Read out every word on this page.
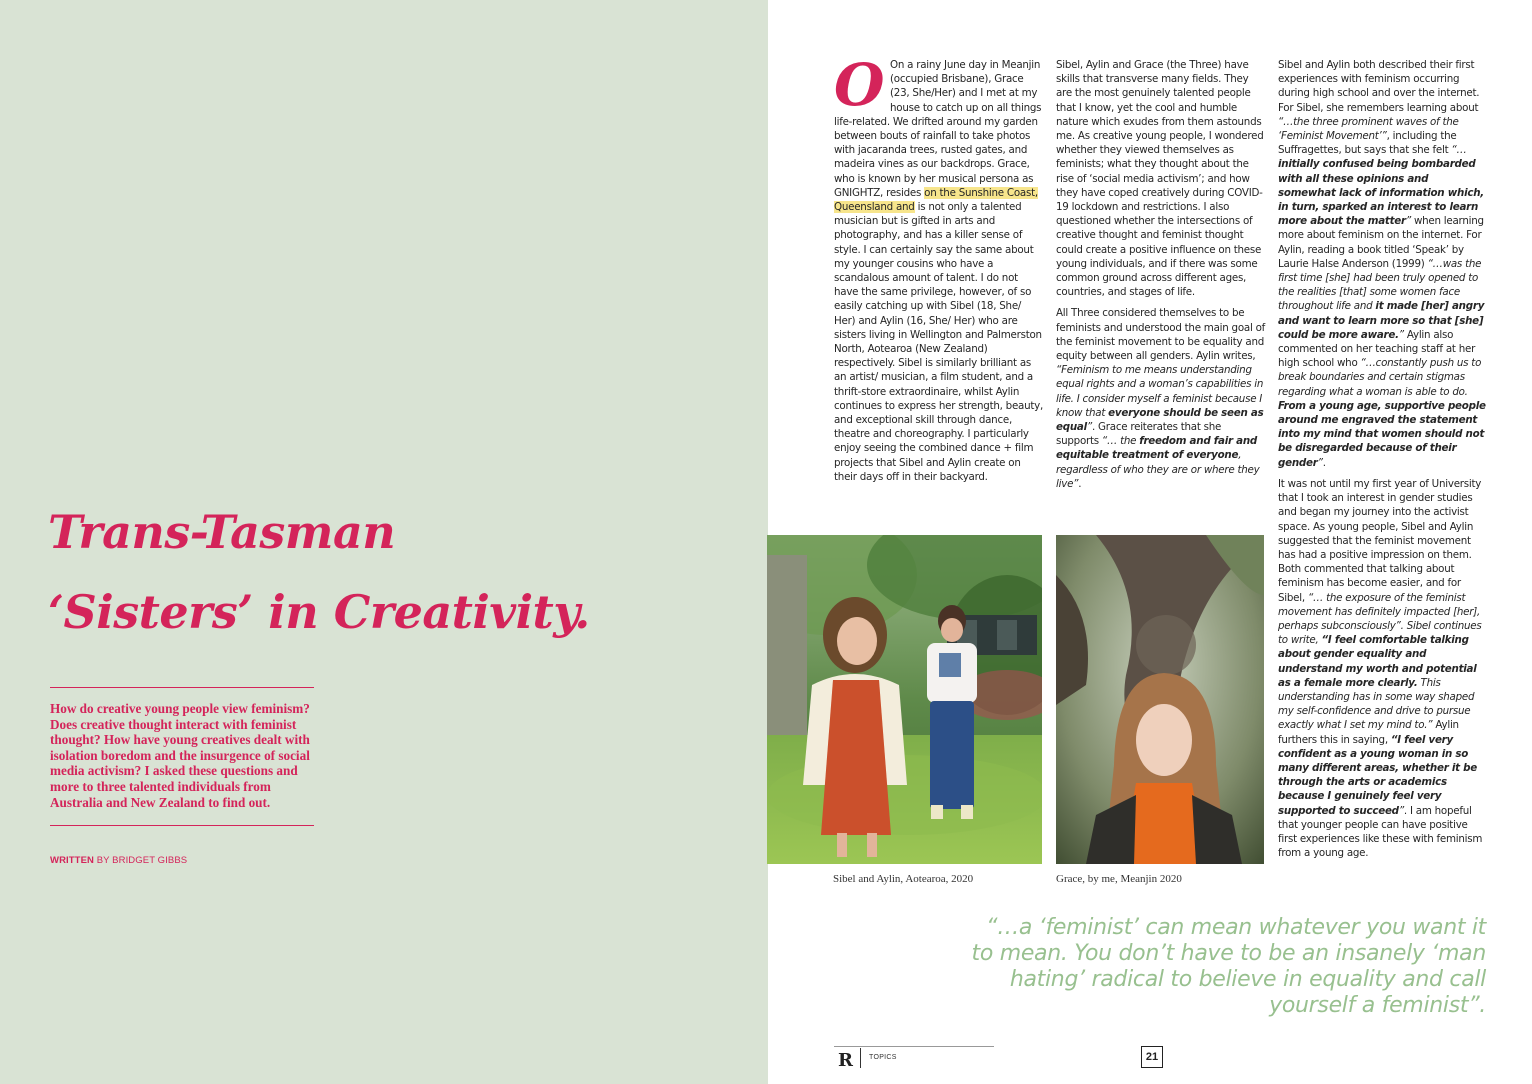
Trans-Tasman
‘Sisters’ in Creativity.

How do creative young people view feminism? Does creative thought interact with feminist thought? How have young creatives dealt with isolation boredom and the insurgence of social media activism? I asked these questions and more to three talented individuals from Australia and New Zealand to find out.

WRITTEN BY BRIDGET GIBBS

O On a rainy June day in Meanjin (occupied Brisbane), Grace (23, She/Her) and I met at my house to catch up on all things life-related. We drifted around my garden between bouts of rainfall to take photos with jacaranda trees, rusted gates, and madeira vines as our backdrops. Grace, who is known by her musical persona as GNIGHTZ, resides on the Sunshine Coast, Queensland and is not only a talented musician but is gifted in arts and photography, and has a killer sense of style. I can certainly say the same about my younger cousins who have a scandalous amount of talent. I do not have the same privilege, however, of so easily catching up with Sibel (18, She/ Her) and Aylin (16, She/ Her) who are sisters living in Wellington and Palmerston North, Aotearoa (New Zealand) respectively. Sibel is similarly brilliant as an artist/ musician, a film student, and a thrift-store extraordinaire, whilst Aylin continues to express her strength, beauty, and exceptional skill through dance, theatre and choreography. I particularly enjoy seeing the combined dance + film projects that Sibel and Aylin create on their days off in their backyard.

Sibel, Aylin and Grace (the Three) have skills that transverse many fields. They are the most genuinely talented people that I know, yet the cool and humble nature which exudes from them astounds me. As creative young people, I wondered whether they viewed themselves as feminists; what they thought about the rise of ‘social media activism’; and how they have coped creatively during COVID-19 lockdown and restrictions. I also questioned whether the intersections of creative thought and feminist thought could create a positive influence on these young individuals, and if there was some common ground across different ages, countries, and stages of life.

All Three considered themselves to be feminists and understood the main goal of the feminist movement to be equality and equity between all genders. Aylin writes, “Feminism to me means understanding equal rights and a woman’s capabilities in life. I consider myself a feminist because I know that everyone should be seen as equal”. Grace reiterates that she supports “… the freedom and fair and equitable treatment of everyone, regardless of who they are or where they live”.

Sibel and Aylin both described their first experiences with feminism occurring during high school and over the internet. For Sibel, she remembers learning about “…the three prominent waves of the ‘Feminist Movement’”, including the Suffragettes, but says that she felt “…initially confused being bombarded with all these opinions and somewhat lack of information which, in turn, sparked an interest to learn more about the matter” when learning more about feminism on the internet. For Aylin, reading a book titled ‘Speak’ by Laurie Halse Anderson (1999) “…was the first time [she] had been truly opened to the realities [that] some women face throughout life and it made [her] angry and want to learn more so that [she] could be more aware.” Aylin also commented on her teaching staff at her high school who “…constantly push us to break boundaries and certain stigmas regarding what a woman is able to do. From a young age, supportive people around me engraved the statement into my mind that women should not be disregarded because of their gender”.

It was not until my first year of University that I took an interest in gender studies and began my journey into the activist space. As young people, Sibel and Aylin suggested that the feminist movement has had a positive impression on them. Both commented that talking about feminism has become easier, and for Sibel, “… the exposure of the feminist movement has definitely impacted [her], perhaps subconsciously”. Sibel continues to write, “I feel comfortable talking about gender equality and understand my worth and potential as a female more clearly. This understanding has in some way shaped my self-confidence and drive to pursue exactly what I set my mind to.” Aylin furthers this in saying, “I feel very confident as a young woman in so many different areas, whether it be through the arts or academics because I genuinely feel very supported to succeed”. I am hopeful that younger people can have positive first experiences like these with feminism from a young age.

Sibel and Aylin, Aotearoa, 2020	Grace, by me, Meanjin 2020

“…a ‘feminist’ can mean whatever you want it to mean. You don’t have to be an insanely ‘man hating’ radical to believe in equality and call yourself a feminist”.

R TOPICS	21
